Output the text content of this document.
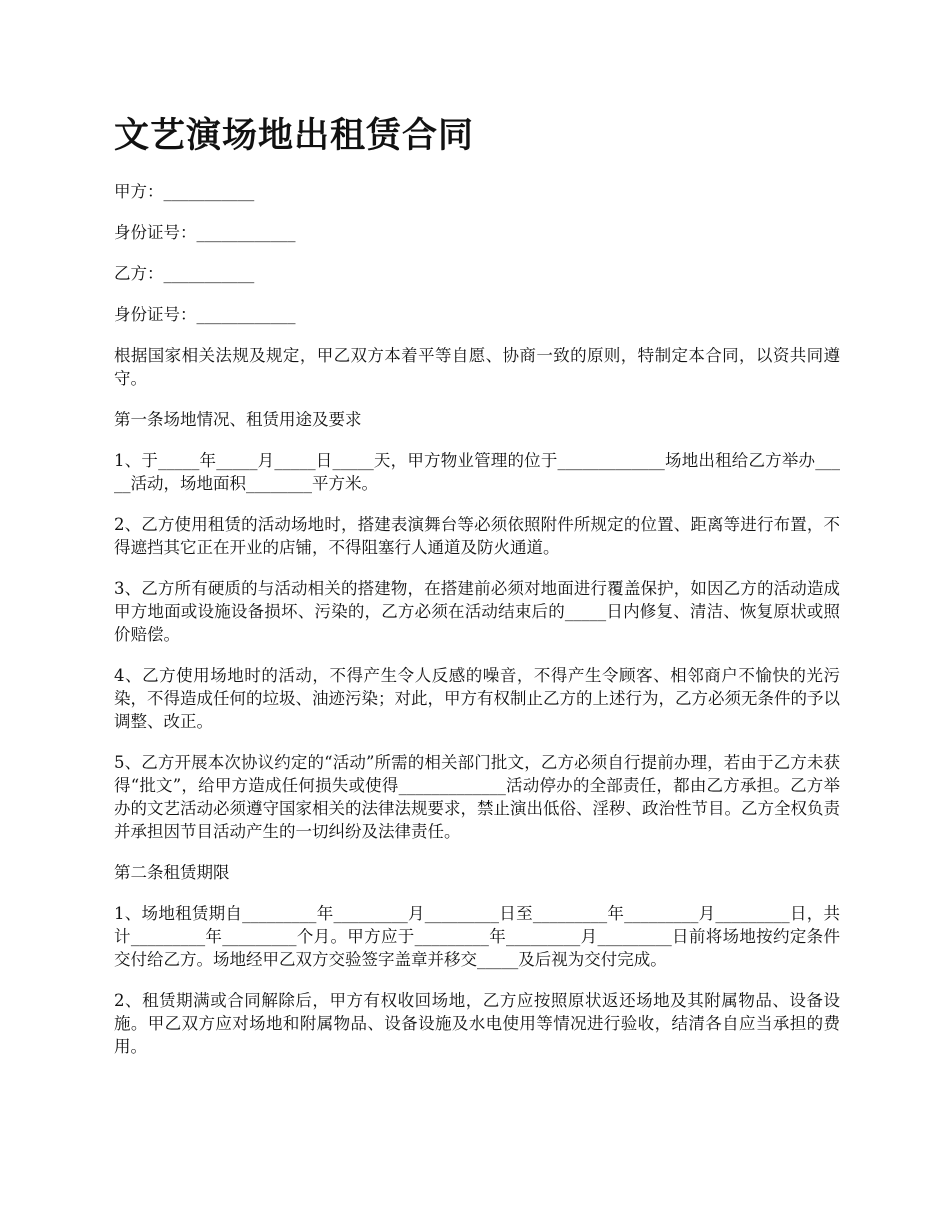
文艺演场地出租赁合同

甲方：___________

身份证号：____________

乙方：___________

身份证号：____________

根据国家相关法规及规定，甲乙双方本着平等自愿、协商一致的原则，特制定本合同，以资共同遵守。

第一条场地情况、租赁用途及要求

1、于_____年_____月_____日_____天，甲方物业管理的位于_____________场地出租给乙方举办_____活动，场地面积________平方米。

2、乙方使用租赁的活动场地时，搭建表演舞台等必须依照附件所规定的位置、距离等进行布置，不得遮挡其它正在开业的店铺，不得阻塞行人通道及防火通道。

3、乙方所有硬质的与活动相关的搭建物，在搭建前必须对地面进行覆盖保护，如因乙方的活动造成甲方地面或设施设备损坏、污染的，乙方必须在活动结束后的_____日内修复、清洁、恢复原状或照价赔偿。

4、乙方使用场地时的活动，不得产生令人反感的噪音，不得产生令顾客、相邻商户不愉快的光污染，不得造成任何的垃圾、油迹污染；对此，甲方有权制止乙方的上述行为，乙方必须无条件的予以调整、改正。

5、乙方开展本次协议约定的“活动”所需的相关部门批文，乙方必须自行提前办理，若由于乙方未获得“批文”，给甲方造成任何损失或使得_____________活动停办的全部责任，都由乙方承担。乙方举办的文艺活动必须遵守国家相关的法律法规要求，禁止演出低俗、淫秽、政治性节目。乙方全权负责并承担因节目活动产生的一切纠纷及法律责任。

第二条租赁期限

1、场地租赁期自_________年_________月_________日至_________年_________月_________日，共计_________年_________个月。甲方应于_________年_________月_________日前将场地按约定条件交付给乙方。场地经甲乙双方交验签字盖章并移交_____及后视为交付完成。

2、租赁期满或合同解除后，甲方有权收回场地，乙方应按照原状返还场地及其附属物品、设备设施。甲乙双方应对场地和附属物品、设备设施及水电使用等情况进行验收，结清各自应当承担的费用。
